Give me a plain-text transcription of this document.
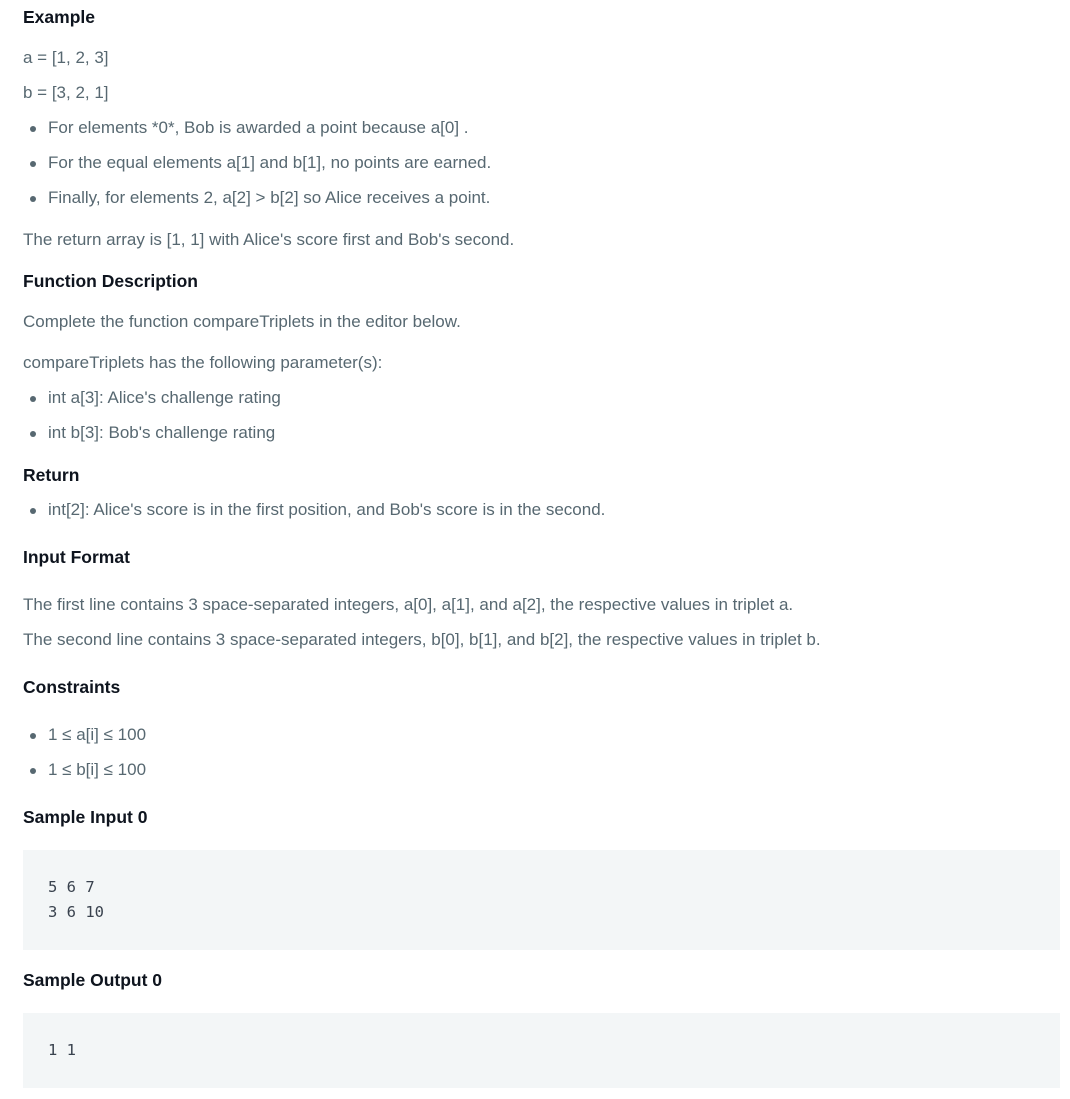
Example
a = [1, 2, 3]
b = [3, 2, 1]
For elements *0*, Bob is awarded a point because a[0] .
For the equal elements a[1] and b[1], no points are earned.
Finally, for elements 2, a[2] > b[2] so Alice receives a point.
The return array is [1, 1] with Alice's score first and Bob's second.
Function Description
Complete the function compareTriplets in the editor below.
compareTriplets has the following parameter(s):
int a[3]: Alice's challenge rating
int b[3]: Bob's challenge rating
Return
int[2]: Alice's score is in the first position, and Bob's score is in the second.
Input Format
The first line contains 3 space-separated integers, a[0], a[1], and a[2], the respective values in triplet a.
The second line contains 3 space-separated integers, b[0], b[1], and b[2], the respective values in triplet b.
Constraints
1 ≤ a[i] ≤ 100
1 ≤ b[i] ≤ 100
Sample Input 0
5 6 7
3 6 10
Sample Output 0
1 1
